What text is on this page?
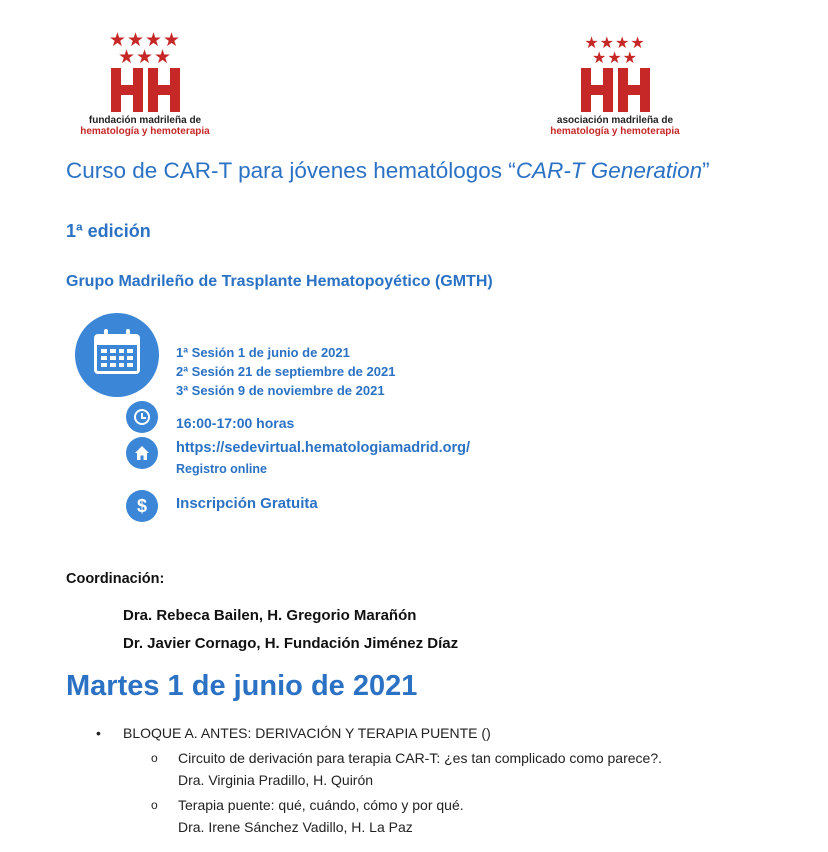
★★★★
★★★
fundación madrileña de
hematología y hemoterapia
★★★★
★★★
asociación madrileña de
hematología y hemoterapia
Curso de CAR-T para jóvenes hematólogos “CAR-T Generation”
1ª edición
Grupo Madrileño de Trasplante Hematopoyético (GMTH)
1ª Sesión 1 de junio de 2021
2ª Sesión 21 de septiembre de 2021
3ª Sesión 9 de noviembre de 2021
16:00-17:00 horas
https://sedevirtual.hematologiamadrid.org/
Registro online
$ Inscripción Gratuita
Coordinación:
Dra. Rebeca Bailen, H. Gregorio Marañón
Dr. Javier Cornago, H. Fundación Jiménez Díaz
Martes 1 de junio de 2021
• BLOQUE A. ANTES: DERIVACIÓN Y TERAPIA PUENTE ()
o Circuito de derivación para terapia CAR-T: ¿es tan complicado como parece?.
Dra. Virginia Pradillo, H. Quirón
o Terapia puente: qué, cuándo, cómo y por qué.
Dra. Irene Sánchez Vadillo, H. La Paz
